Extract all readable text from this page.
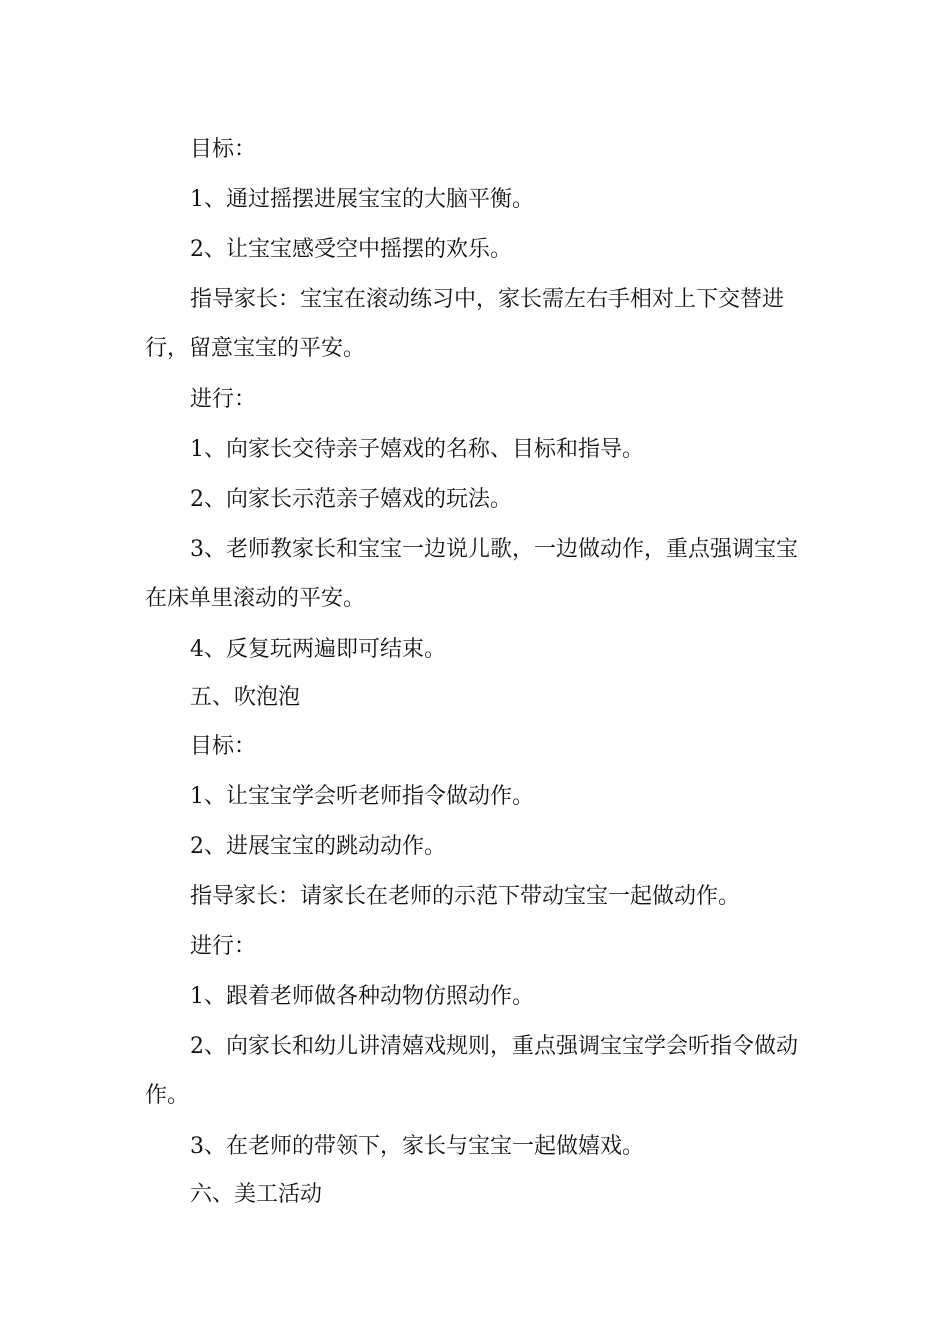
目标：

1、通过摇摆进展宝宝的大脑平衡。

2、让宝宝感受空中摇摆的欢乐。

指导家长：宝宝在滚动练习中，家长需左右手相对上下交替进行，留意宝宝的平安。

进行：

1、向家长交待亲子嬉戏的名称、目标和指导。

2、向家长示范亲子嬉戏的玩法。

3、老师教家长和宝宝一边说儿歌，一边做动作，重点强调宝宝在床单里滚动的平安。

4、反复玩两遍即可结束。

五、吹泡泡

目标：

1、让宝宝学会听老师指令做动作。

2、进展宝宝的跳动动作。

指导家长：请家长在老师的示范下带动宝宝一起做动作。

进行：

1、跟着老师做各种动物仿照动作。

2、向家长和幼儿讲清嬉戏规则，重点强调宝宝学会听指令做动作。

3、在老师的带领下，家长与宝宝一起做嬉戏。

六、美工活动
